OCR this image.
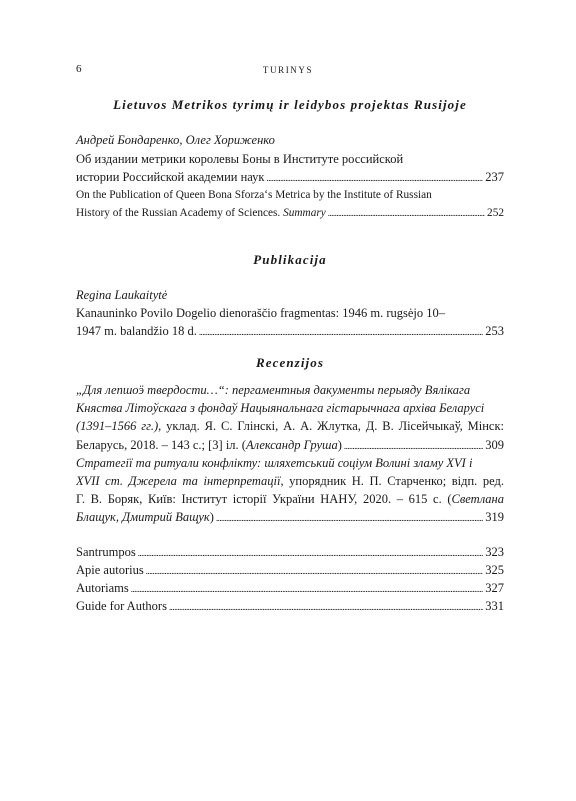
6	TURINYS
Lietuvos Metrikos tyrimų ir leidybos projektas Rusijoje
Андрей Бондаренко, Олег Хорuженко
Об издании метрики королевы Боны в Институте российской
истории Российской академии наук . . .	237
On the Publication of Queen Bona Sforza‘s Metrica by the Institute of Russian
History of the Russian Academy of Sciences. Summary . . .	252
Publikacija
Regina Laukaitytė
Kanauninko Povilo Dogelio dienoraščio fragmentas: 1946 m. rugsėjo 10–
1947 m. balandžio 18 d. . . .	253
Recenzijos
„Для лепшоӭ твердости…“: пергаментныя дакументы перыяду Вялікага
Княства Літоўскага з фондаў Нацыянальнага гістарычнага архіва Беларусі
(1391–1566 гг.), уклад. Я. С. Глінскі, А. А. Жлутка, Д. В. Лісейчыкаў, Мінск:
Беларусь, 2018. – 143 с.; [3] іл. (Александр Груша) . . .	309
Стратегії та ритуали конфлікту: шляхетський соціум Волині зламу XVI і
XVII ст. Джерела та інтерпретації, упорядник Н. П. Старченко; відп. ред.
Г. В. Боряк, Київ: Інститут історії України НАНУ, 2020. – 615 с. (Светлана
Блащук, Дмитрий Ващук) . . .	319
Santrumpos . . .	323
Apie autorius . . .	325
Autoriams . . .	327
Guide for Authors . . .	331
